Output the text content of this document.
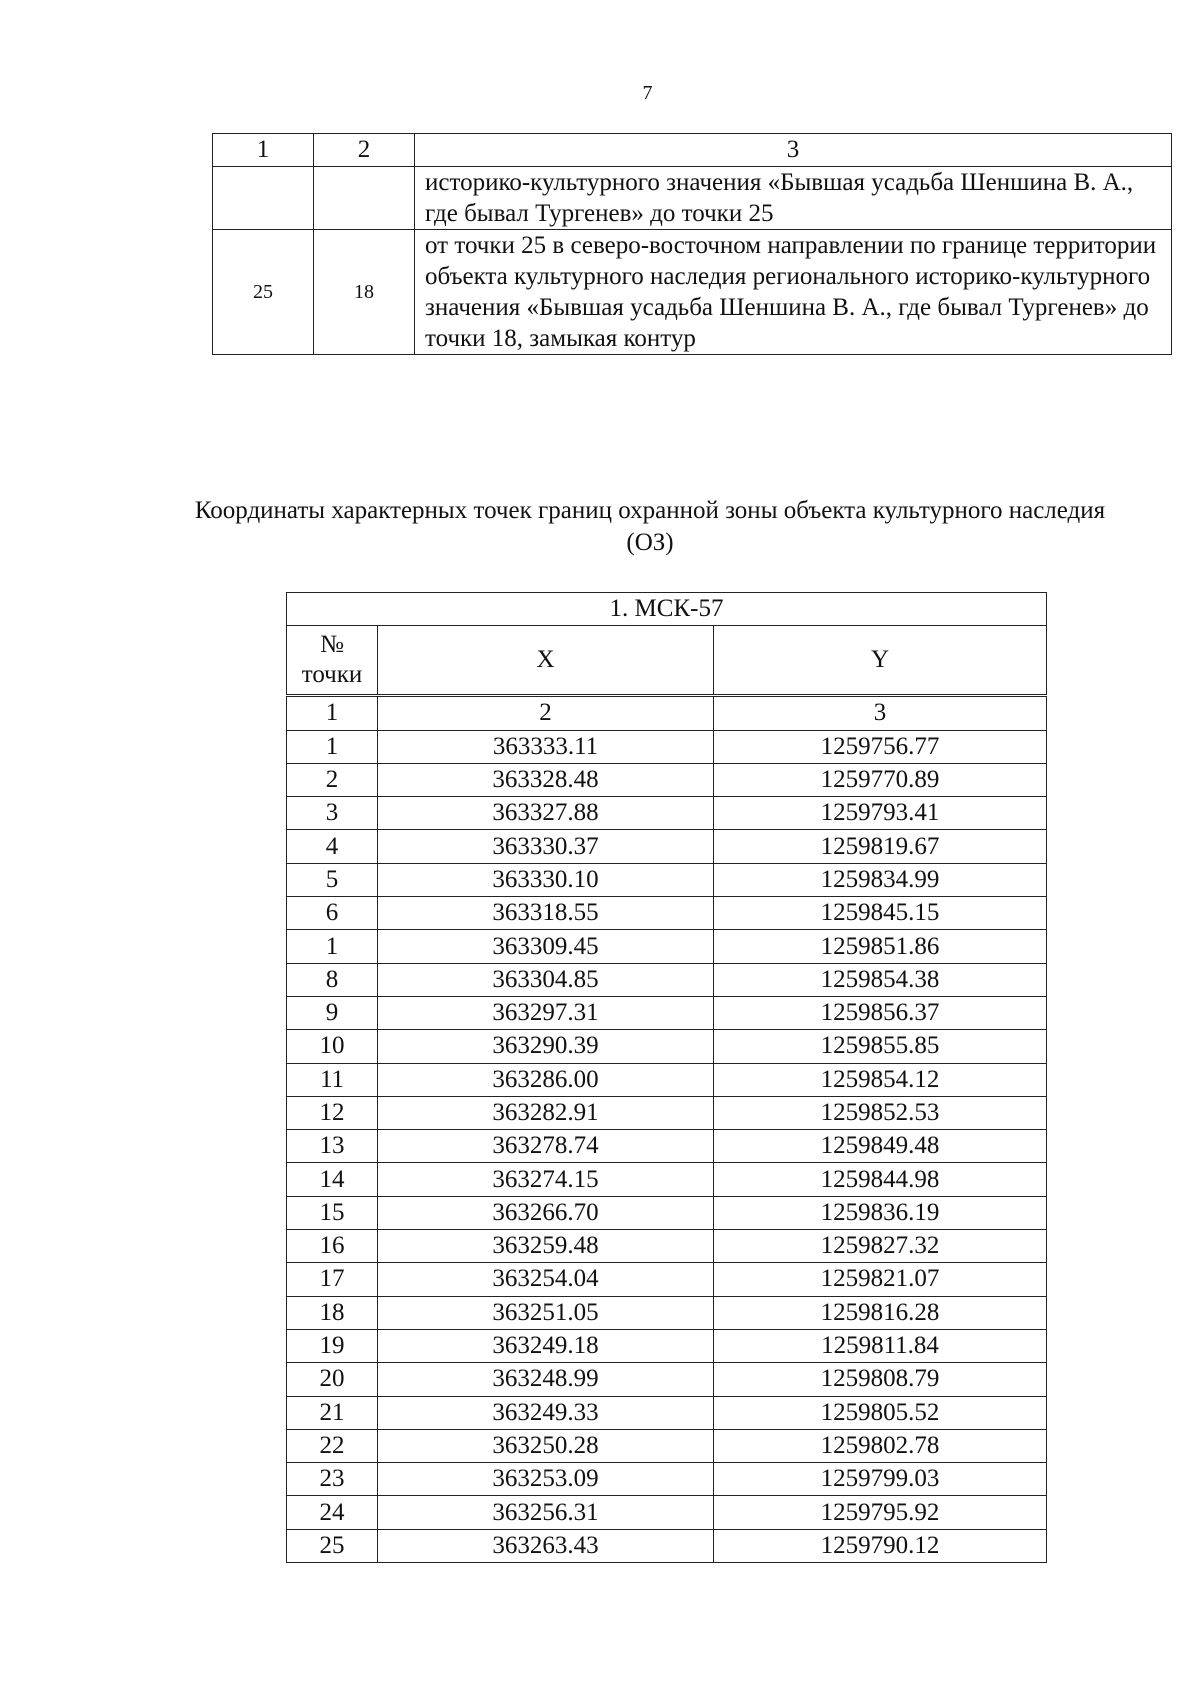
7
1	2	3
		историко-культурного значения «Бывшая усадьба Шеншина В. А., где бывал Тургенев» до точки 25
25	18	от точки 25 в северо-восточном направлении по границе территории объекта культурного наследия регионального историко-культурного значения «Бывшая усадьба Шеншина В. А., где бывал Тургенев» до точки 18, замыкая контур
Координаты характерных точек границ охранной зоны объекта культурного наследия (ОЗ)
1. МСК-57		
№ точки	X	Y
1	2	3
1	363333.11	1259756.77
2	363328.48	1259770.89
3	363327.88	1259793.41
4	363330.37	1259819.67
5	363330.10	1259834.99
6	363318.55	1259845.15
1	363309.45	1259851.86
8	363304.85	1259854.38
9	363297.31	1259856.37
10	363290.39	1259855.85
11	363286.00	1259854.12
12	363282.91	1259852.53
13	363278.74	1259849.48
14	363274.15	1259844.98
15	363266.70	1259836.19
16	363259.48	1259827.32
17	363254.04	1259821.07
18	363251.05	1259816.28
19	363249.18	1259811.84
20	363248.99	1259808.79
21	363249.33	1259805.52
22	363250.28	1259802.78
23	363253.09	1259799.03
24	363256.31	1259795.92
25	363263.43	1259790.12
